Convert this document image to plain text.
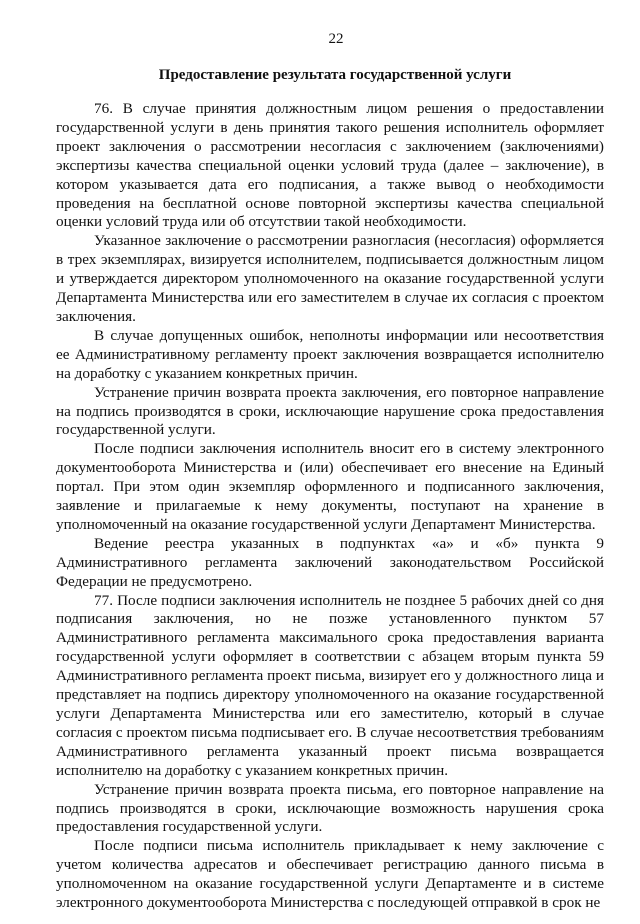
22
Предоставление результата государственной услуги

76. В случае принятия должностным лицом решения о предоставлении государственной услуги в день принятия такого решения исполнитель оформляет проект заключения о рассмотрении несогласия с заключением (заключениями) экспертизы качества специальной оценки условий труда (далее – заключение), в котором указывается дата его подписания, а также вывод о необходимости проведения на бесплатной основе повторной экспертизы качества специальной оценки условий труда или об отсутствии такой необходимости.

Указанное заключение о рассмотрении разногласия (несогласия) оформляется в трех экземплярах, визируется исполнителем, подписывается должностным лицом и утверждается директором уполномоченного на оказание государственной услуги Департамента Министерства или его заместителем в случае их согласия с проектом заключения.

В случае допущенных ошибок, неполноты информации или несоответствия ее Административному регламенту проект заключения возвращается исполнителю на доработку с указанием конкретных причин.

Устранение причин возврата проекта заключения, его повторное направление на подпись производятся в сроки, исключающие нарушение срока предоставления государственной услуги.

После подписи заключения исполнитель вносит его в систему электронного документооборота Министерства и (или) обеспечивает его внесение на Единый портал. При этом один экземпляр оформленного и подписанного заключения, заявление и прилагаемые к нему документы, поступают на хранение в уполномоченный на оказание государственной услуги Департамент Министерства.

Ведение реестра указанных в подпунктах «а» и «б» пункта 9 Административного регламента заключений законодательством Российской Федерации не предусмотрено.

77. После подписи заключения исполнитель не позднее 5 рабочих дней со дня подписания заключения, но не позже установленного пунктом 57 Административного регламента максимального срока предоставления варианта государственной услуги оформляет в соответствии с абзацем вторым пункта 59 Административного регламента проект письма, визирует его у должностного лица и представляет на подпись директору уполномоченного на оказание государственной услуги Департамента Министерства или его заместителю, который в случае согласия с проектом письма подписывает его. В случае несоответствия требованиям Административного регламента указанный проект письма возвращается исполнителю на доработку с указанием конкретных причин.

Устранение причин возврата проекта письма, его повторное направление на подпись производятся в сроки, исключающие возможность нарушения срока предоставления государственной услуги.

После подписи письма исполнитель прикладывает к нему заключение с учетом количества адресатов и обеспечивает регистрацию данного письма в уполномоченном на оказание государственной услуги Департаменте и в системе электронного документооборота Министерства с последующей отправкой в срок не
